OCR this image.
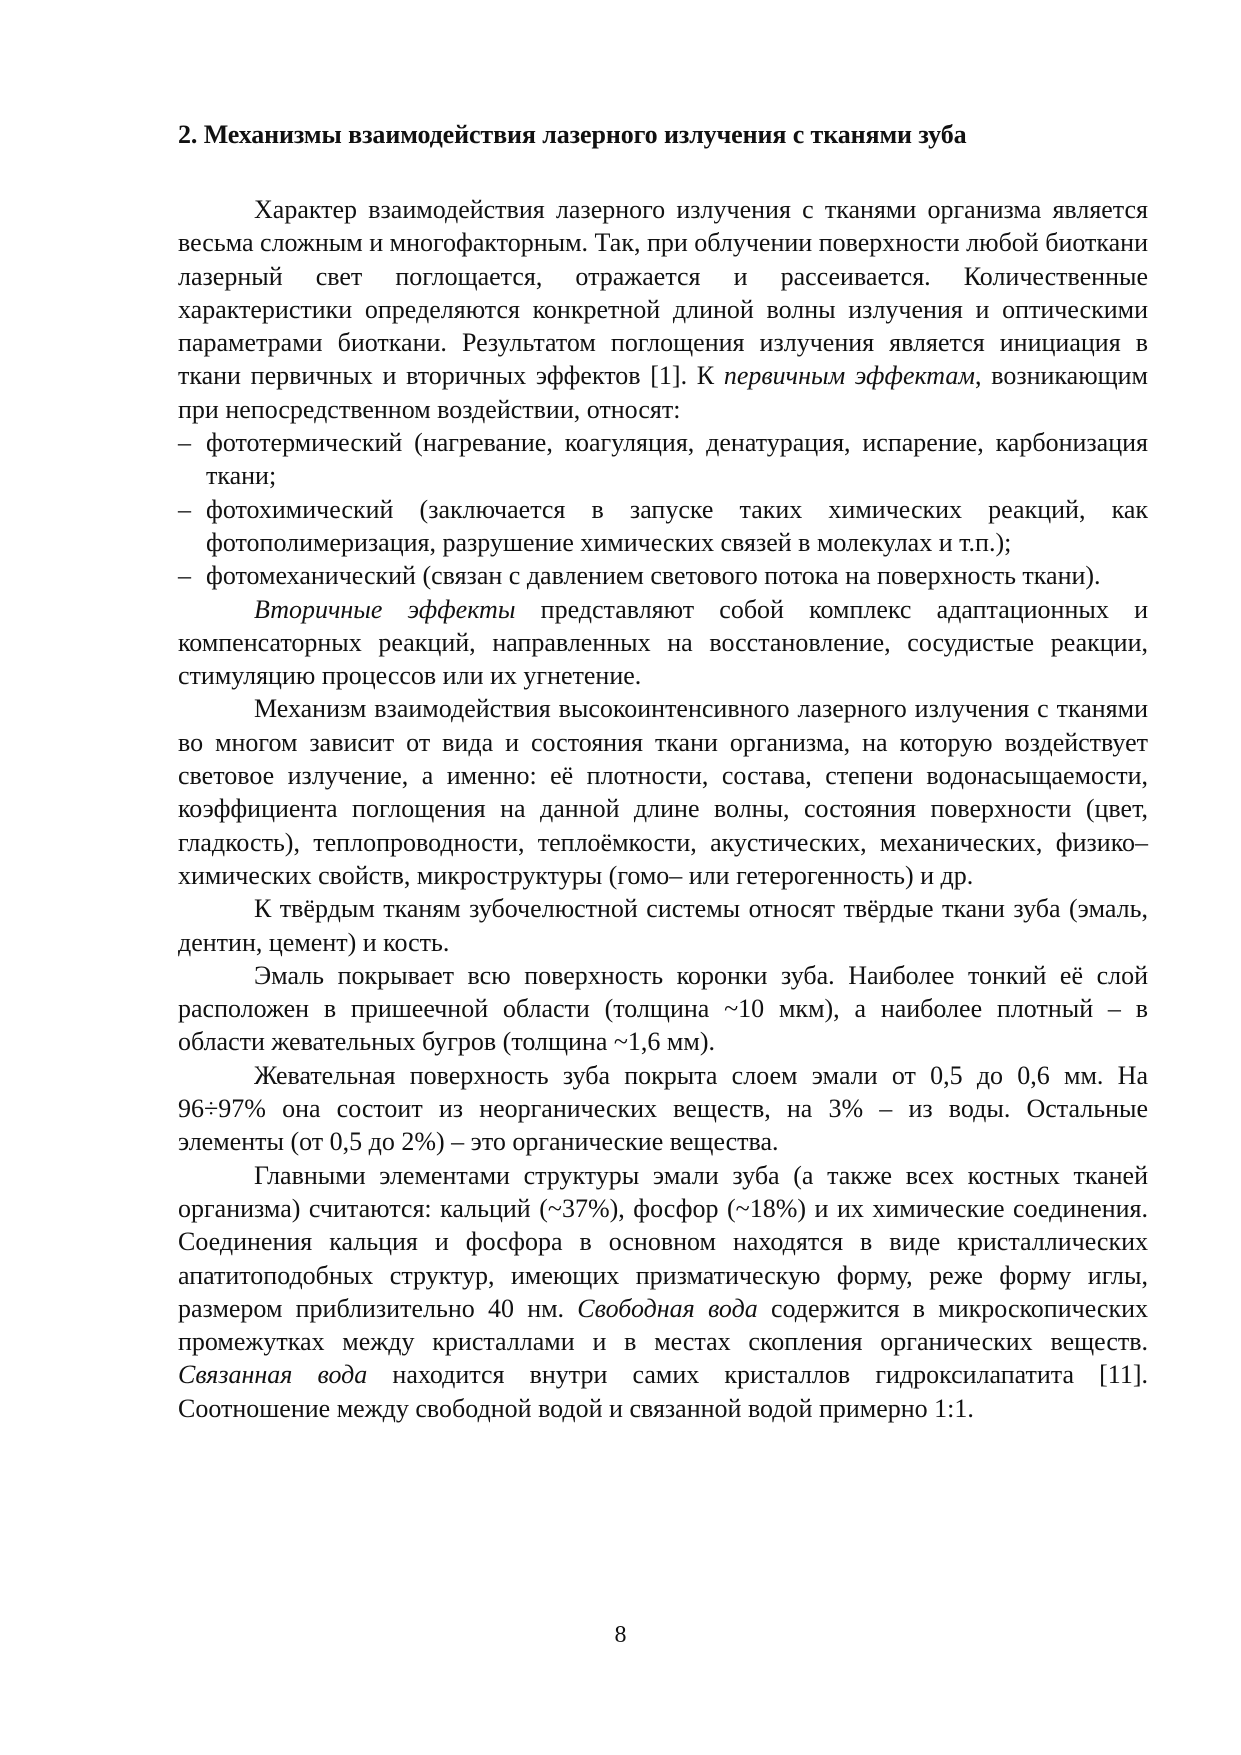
2. Механизмы взаимодействия лазерного излучения с тканями зуба

Характер взаимодействия лазерного излучения с тканями организма является весьма сложным и многофакторным. Так, при облучении поверхности любой биоткани лазерный свет поглощается, отражается и рассеивается. Количественные характеристики определяются конкретной длиной волны излучения и оптическими параметрами биоткани. Результатом поглощения излучения является инициация в ткани первичных и вторичных эффектов [1]. К первичным эффектам, возникающим при непосредственном воздействии, относят:

– фототермический (нагревание, коагуляция, денатурация, испарение, карбонизация ткани;
– фотохимический (заключается в запуске таких химических реакций, как фотополимеризация, разрушение химических связей в молекулах и т.п.);
– фотомеханический (связан с давлением светового потока на поверхность ткани).

Вторичные эффекты представляют собой комплекс адаптационных и компенсаторных реакций, направленных на восстановление, сосудистые реакции, стимуляцию процессов или их угнетение.

Механизм взаимодействия высокоинтенсивного лазерного излучения с тканями во многом зависит от вида и состояния ткани организма, на которую воздействует световое излучение, а именно: её плотности, состава, степени водонасыщаемости, коэффициента поглощения на данной длине волны, состояния поверхности (цвет, гладкость), теплопроводности, теплоёмкости, акустических, механических, физико–химических свойств, микроструктуры (гомо– или гетерогенность) и др.

К твёрдым тканям зубочелюстной системы относят твёрдые ткани зуба (эмаль, дентин, цемент) и кость.

Эмаль покрывает всю поверхность коронки зуба. Наиболее тонкий её слой расположен в пришеечной области (толщина ~10 мкм), а наиболее плотный – в области жевательных бугров (толщина ~1,6 мм).

Жевательная поверхность зуба покрыта слоем эмали от 0,5 до 0,6 мм. На 96÷97% она состоит из неорганических веществ, на 3% – из воды. Остальные элементы (от 0,5 до 2%) – это органические вещества.

Главными элементами структуры эмали зуба (а также всех костных тканей организма) считаются: кальций (~37%), фосфор (~18%) и их химические соединения. Соединения кальция и фосфора в основном находятся в виде кристаллических апатитоподобных структур, имеющих призматическую форму, реже форму иглы, размером приблизительно 40 нм. Свободная вода содержится в микроскопических промежутках между кристаллами и в местах скопления органических веществ. Связанная вода находится внутри самих кристаллов гидроксилапатита [11]. Соотношение между свободной водой и связанной водой примерно 1:1.

8
